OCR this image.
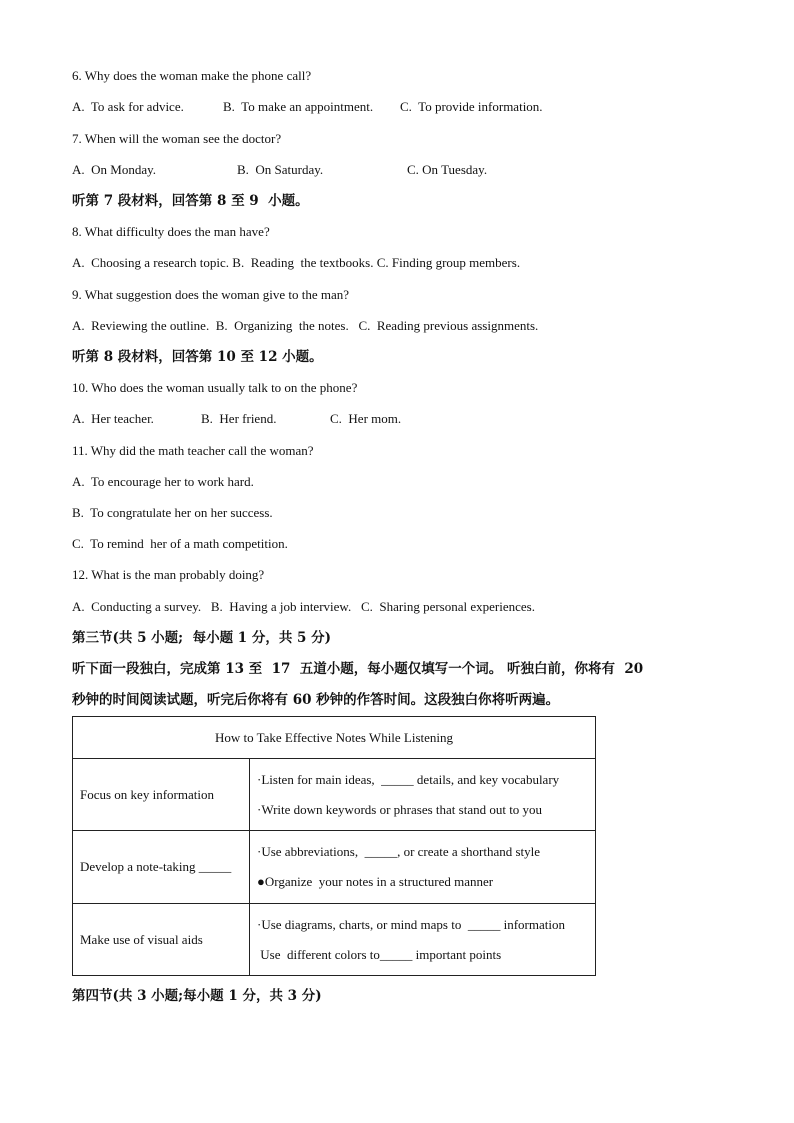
6. Why does the woman make the phone call?
A.  To ask for advice.	B.  To make an appointment. C.  To provide information.
7. When will the woman see the doctor?
A.  On Monday.	B.  On Saturday.	C. On Tuesday.
听第 7 段材料，回答第 8 至 9  小题。
8. What difficulty does the man have?
A.  Choosing a research topic. B.  Reading  the textbooks. C. Finding group members.
9. What suggestion does the woman give to the man?
A.  Reviewing the outline.  B.  Organizing  the notes.   C.  Reading previous assignments.
听第 8 段材料，回答第 10 至 12 小题。
10. Who does the woman usually talk to on the phone?
A.  Her teacher.	B.  Her friend.	C.  Her mom.
11. Why did the math teacher call the woman?
A.  To encourage her to work hard.
B.  To congratulate her on her success.
C.  To remind  her of a math competition.
12. What is the man probably doing?
A.  Conducting a survey.   B.  Having a job interview.   C.  Sharing personal experiences.
第三节(共 5 小题;  每小题 1 分，共 5 分)
听下面一段独白，完成第 13 至  17  五道小题，每小题仅填写一个词。 听独白前，你将有  20
秒钟的时间阅读试题，听完后你将有 60 秒钟的作答时间。这段独白你将听两遍。
How to Take Effective Notes While Listening	
Focus on key information	·Listen for main ideas,  _____ details, and key vocabulary
·Write down keywords or phrases that stand out to you

Develop a note-taking _____	·Use abbreviations,  _____, or create a shorthand style
●Organize  your notes in a structured manner

Make use of visual aids	·Use diagrams, charts, or mind maps to  _____ information
Use  different colors to_____ important points
第四节(共 3 小题;每小题 1 分，共 3 分)
